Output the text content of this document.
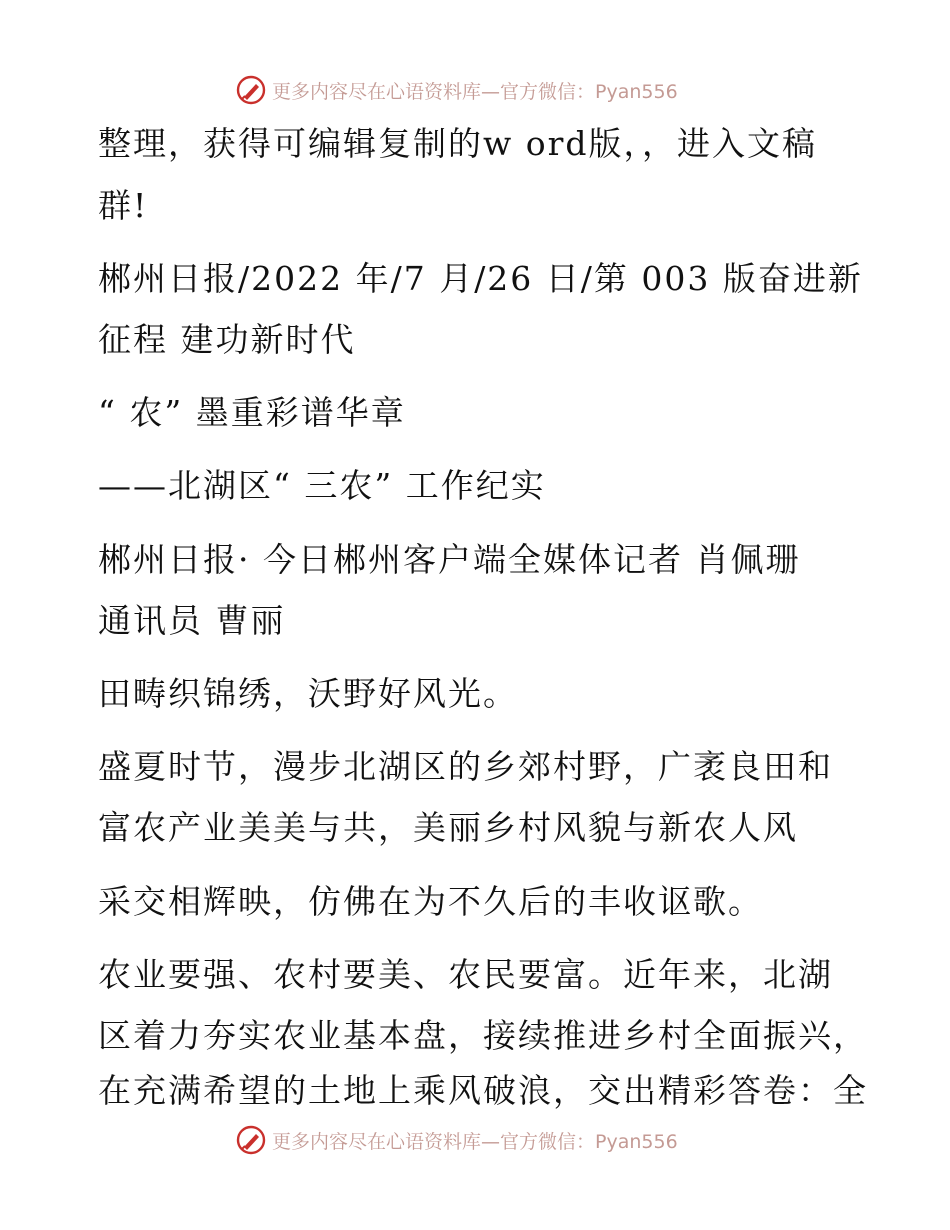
更多内容尽在心语资料库—官方微信：Pyan556
整理，获得可编辑复制的w ord版，，进入文稿
群!
郴州日报/2022 年/7 月/26 日/第 003 版奋进新
征程 建功新时代
“ 农” 墨重彩谱华章
——北湖区“ 三农” 工作纪实
郴州日报· 今日郴州客户端全媒体记者 肖佩珊
通讯员 曹丽
田畴织锦绣，沃野好风光。
盛夏时节，漫步北湖区的乡郊村野，广袤良田和
富农产业美美与共，美丽乡村风貌与新农人风
采交相辉映，仿佛在为不久后的丰收讴歌。
农业要强、农村要美、农民要富。近年来，北湖
区着力夯实农业基本盘，接续推进乡村全面振兴，
在充满希望的土地上乘风破浪，交出精彩答卷：全
更多内容尽在心语资料库—官方微信：Pyan556
